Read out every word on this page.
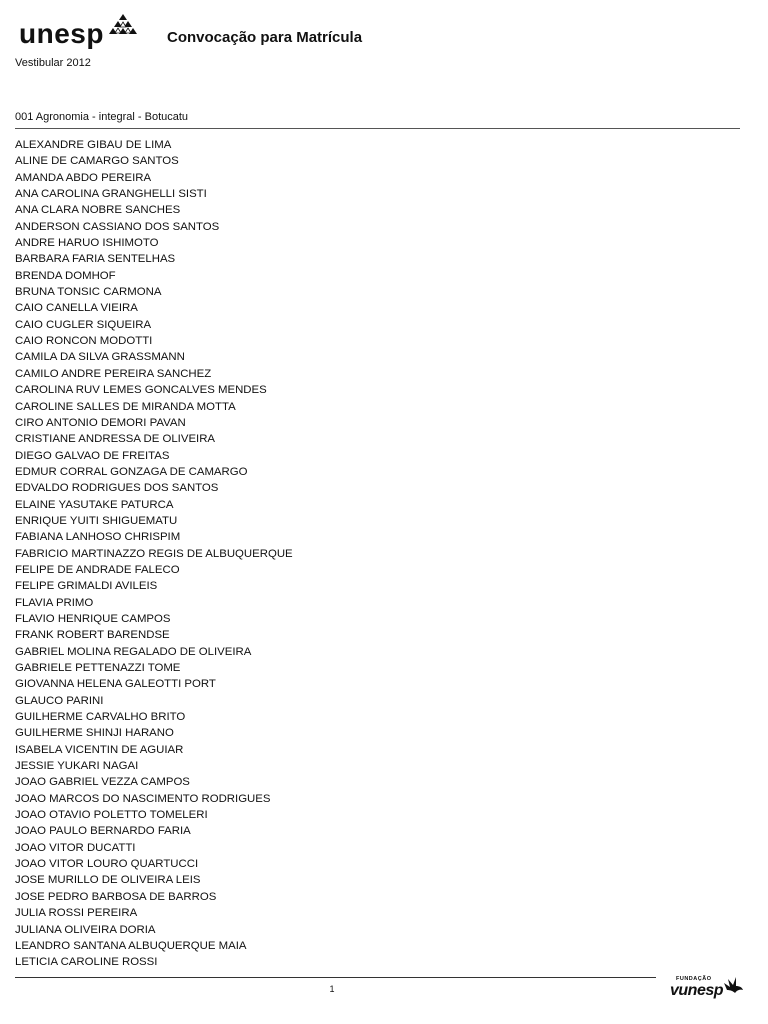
unesp	Convocação para Matrícula
Vestibular 2012
001 Agronomia - integral - Botucatu
ALEXANDRE GIBAU DE LIMA
ALINE DE CAMARGO SANTOS
AMANDA ABDO PEREIRA
ANA CAROLINA GRANGHELLI SISTI
ANA CLARA NOBRE SANCHES
ANDERSON CASSIANO DOS SANTOS
ANDRE HARUO ISHIMOTO
BARBARA FARIA SENTELHAS
BRENDA DOMHOF
BRUNA TONSIC CARMONA
CAIO CANELLA VIEIRA
CAIO CUGLER SIQUEIRA
CAIO RONCON MODOTTI
CAMILA DA SILVA GRASSMANN
CAMILO ANDRE PEREIRA SANCHEZ
CAROLINA RUV LEMES GONCALVES MENDES
CAROLINE SALLES DE MIRANDA MOTTA
CIRO ANTONIO DEMORI PAVAN
CRISTIANE ANDRESSA DE OLIVEIRA
DIEGO GALVAO DE FREITAS
EDMUR CORRAL GONZAGA DE CAMARGO
EDVALDO RODRIGUES DOS SANTOS
ELAINE YASUTAKE PATURCA
ENRIQUE YUITI SHIGUEMATU
FABIANA LANHOSO CHRISPIM
FABRICIO MARTINAZZO REGIS DE ALBUQUERQUE
FELIPE DE ANDRADE FALECO
FELIPE GRIMALDI AVILEIS
FLAVIA PRIMO
FLAVIO HENRIQUE CAMPOS
FRANK ROBERT BARENDSE
GABRIEL MOLINA REGALADO DE OLIVEIRA
GABRIELE PETTENAZZI TOME
GIOVANNA HELENA GALEOTTI PORT
GLAUCO PARINI
GUILHERME CARVALHO BRITO
GUILHERME SHINJI HARANO
ISABELA VICENTIN DE AGUIAR
JESSIE YUKARI NAGAI
JOAO GABRIEL VEZZA CAMPOS
JOAO MARCOS DO NASCIMENTO RODRIGUES
JOAO OTAVIO POLETTO TOMELERI
JOAO PAULO BERNARDO FARIA
JOAO VITOR DUCATTI
JOAO VITOR LOURO QUARTUCCI
JOSE MURILLO DE OLIVEIRA LEIS
JOSE PEDRO BARBOSA DE BARROS
JULIA ROSSI PEREIRA
JULIANA OLIVEIRA DORIA
LEANDRO SANTANA ALBUQUERQUE MAIA
LETICIA CAROLINE ROSSI
1
FUNDAÇÃO
vunesp
